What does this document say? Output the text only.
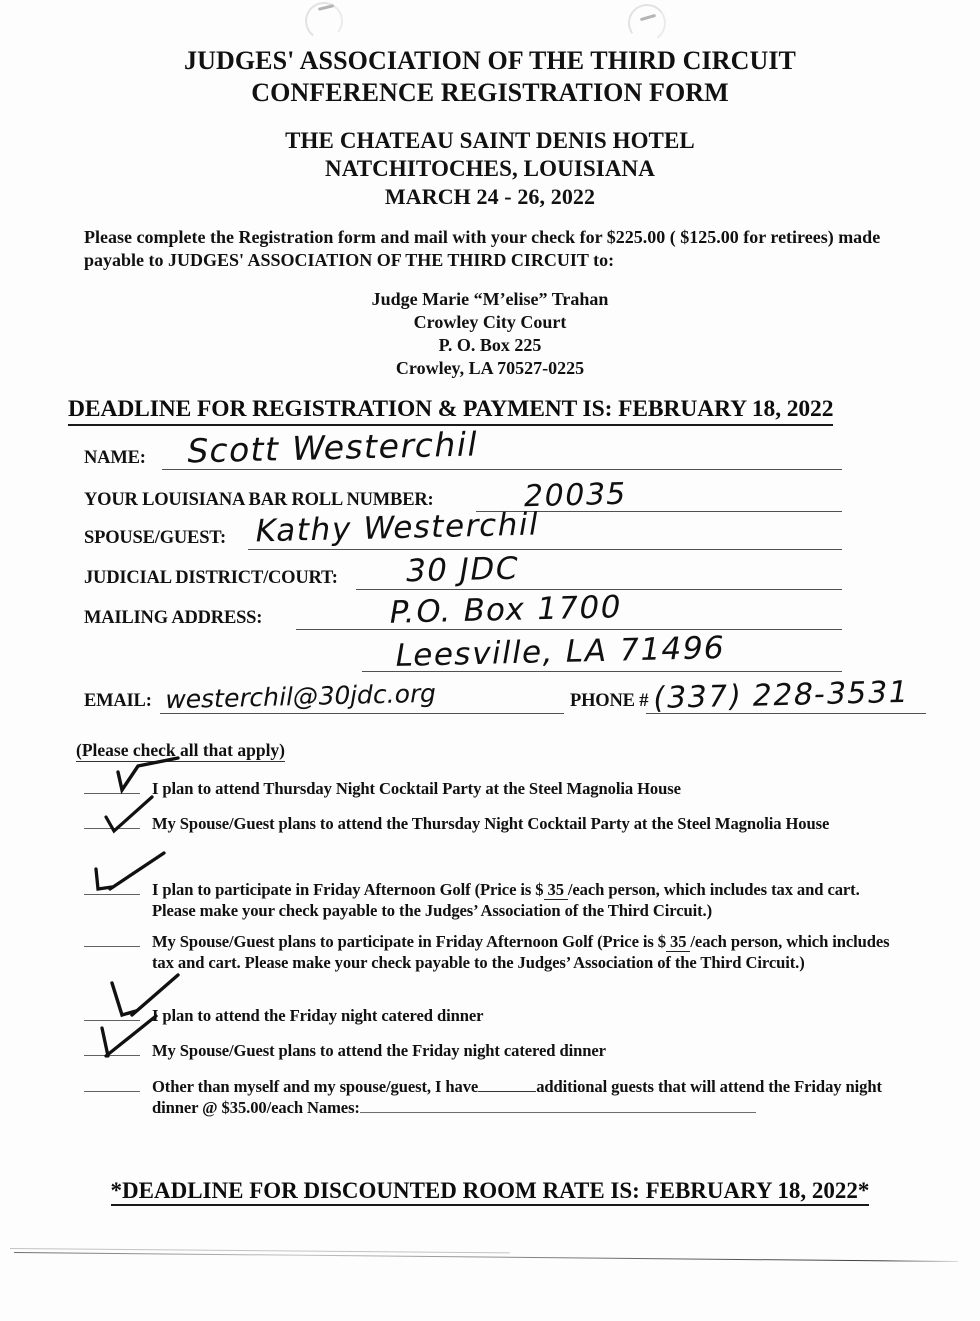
JUDGES' ASSOCIATION OF THE THIRD CIRCUIT
CONFERENCE REGISTRATION FORM
THE CHATEAU SAINT DENIS HOTEL
NATCHITOCHES, LOUISIANA
MARCH 24 - 26, 2022
Please complete the Registration form and mail with your check for $225.00 ( $125.00 for retirees) made payable to JUDGES' ASSOCIATION OF THE THIRD CIRCUIT to:
Judge Marie “M’elise” Trahan
Crowley City Court
P. O. Box 225
Crowley, LA 70527-0225
DEADLINE FOR REGISTRATION & PAYMENT IS: FEBRUARY 18, 2022
NAME: Scott Westerchil
YOUR LOUISIANA BAR ROLL NUMBER:	20035
SPOUSE/GUEST: Kathy Westerchil
JUDICIAL DISTRICT/COURT: 30 JDC
MAILING ADDRESS:	P.O. Box 1700
Leesville, LA 71496
EMAIL: westerchil@30jdc.org	PHONE # (337) 228-3531
(Please check all that apply)
I plan to attend Thursday Night Cocktail Party at the Steel Magnolia House
My Spouse/Guest plans to attend the Thursday Night Cocktail Party at the Steel Magnolia House
I plan to participate in Friday Afternoon Golf (Price is $ 35 /each person, which includes tax and cart. Please make your check payable to the Judges’ Association of the Third Circuit.)
My Spouse/Guest plans to participate in Friday Afternoon Golf (Price is $ 35 /each person, which includes tax and cart. Please make your check payable to the Judges’ Association of the Third Circuit.)
I plan to attend the Friday night catered dinner
My Spouse/Guest plans to attend the Friday night catered dinner
Other than myself and my spouse/guest, I have	additional guests that will attend the Friday night dinner @ $35.00/each Names:
*DEADLINE FOR DISCOUNTED ROOM RATE IS: FEBRUARY 18, 2022*
